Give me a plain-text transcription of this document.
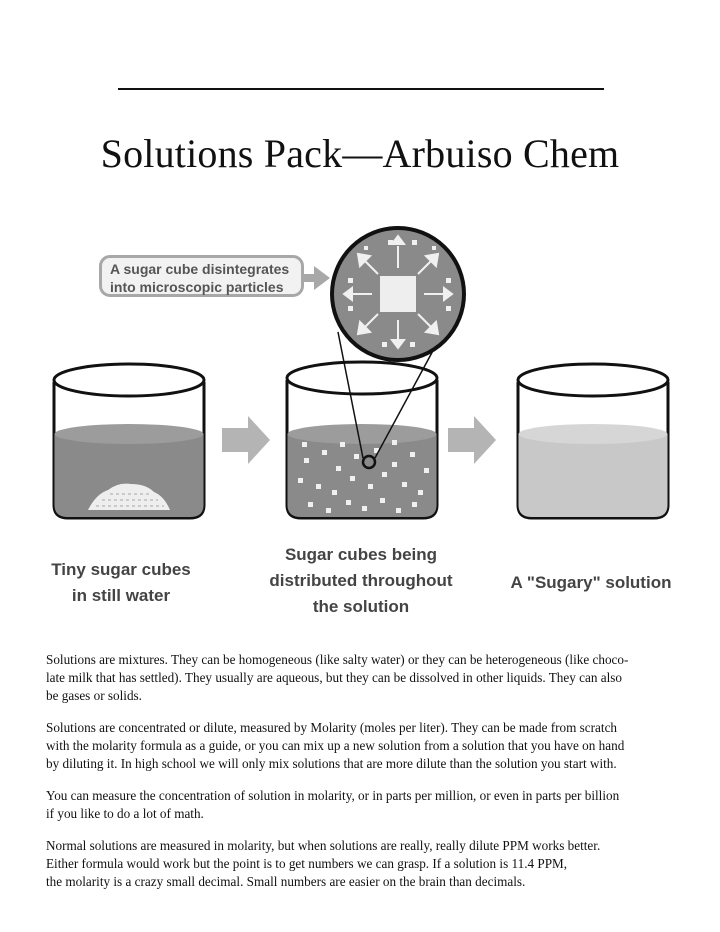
Solutions Pack—Arbuiso Chem
A sugar cube disintegrates
into microscopic particles
Tiny sugar cubes
in still water
Sugar cubes being
distributed throughout
the solution
A "Sugary" solution

Solutions are mixtures. They can be homogeneous (like salty water) or they can be heterogeneous (like choco-
late milk that has settled). They usually are aqueous, but they can be dissolved in other liquids. They can also
be gases or solids.

Solutions are concentrated or dilute, measured by Molarity (moles per liter). They can be made from scratch
with the molarity formula as a guide, or you can mix up a new solution from a solution that you have on hand
by diluting it. In high school we will only mix solutions that are more dilute than the solution you start with.

You can measure the concentration of solution in molarity, or in parts per million, or even in parts per billion
if you like to do a lot of math.

Normal solutions are measured in molarity, but when solutions are really, really dilute PPM works better.
Either formula would work but the point is to get numbers we can grasp. If a solution is 11.4 PPM,
the molarity is a crazy small decimal. Small numbers are easier on the brain than decimals.
